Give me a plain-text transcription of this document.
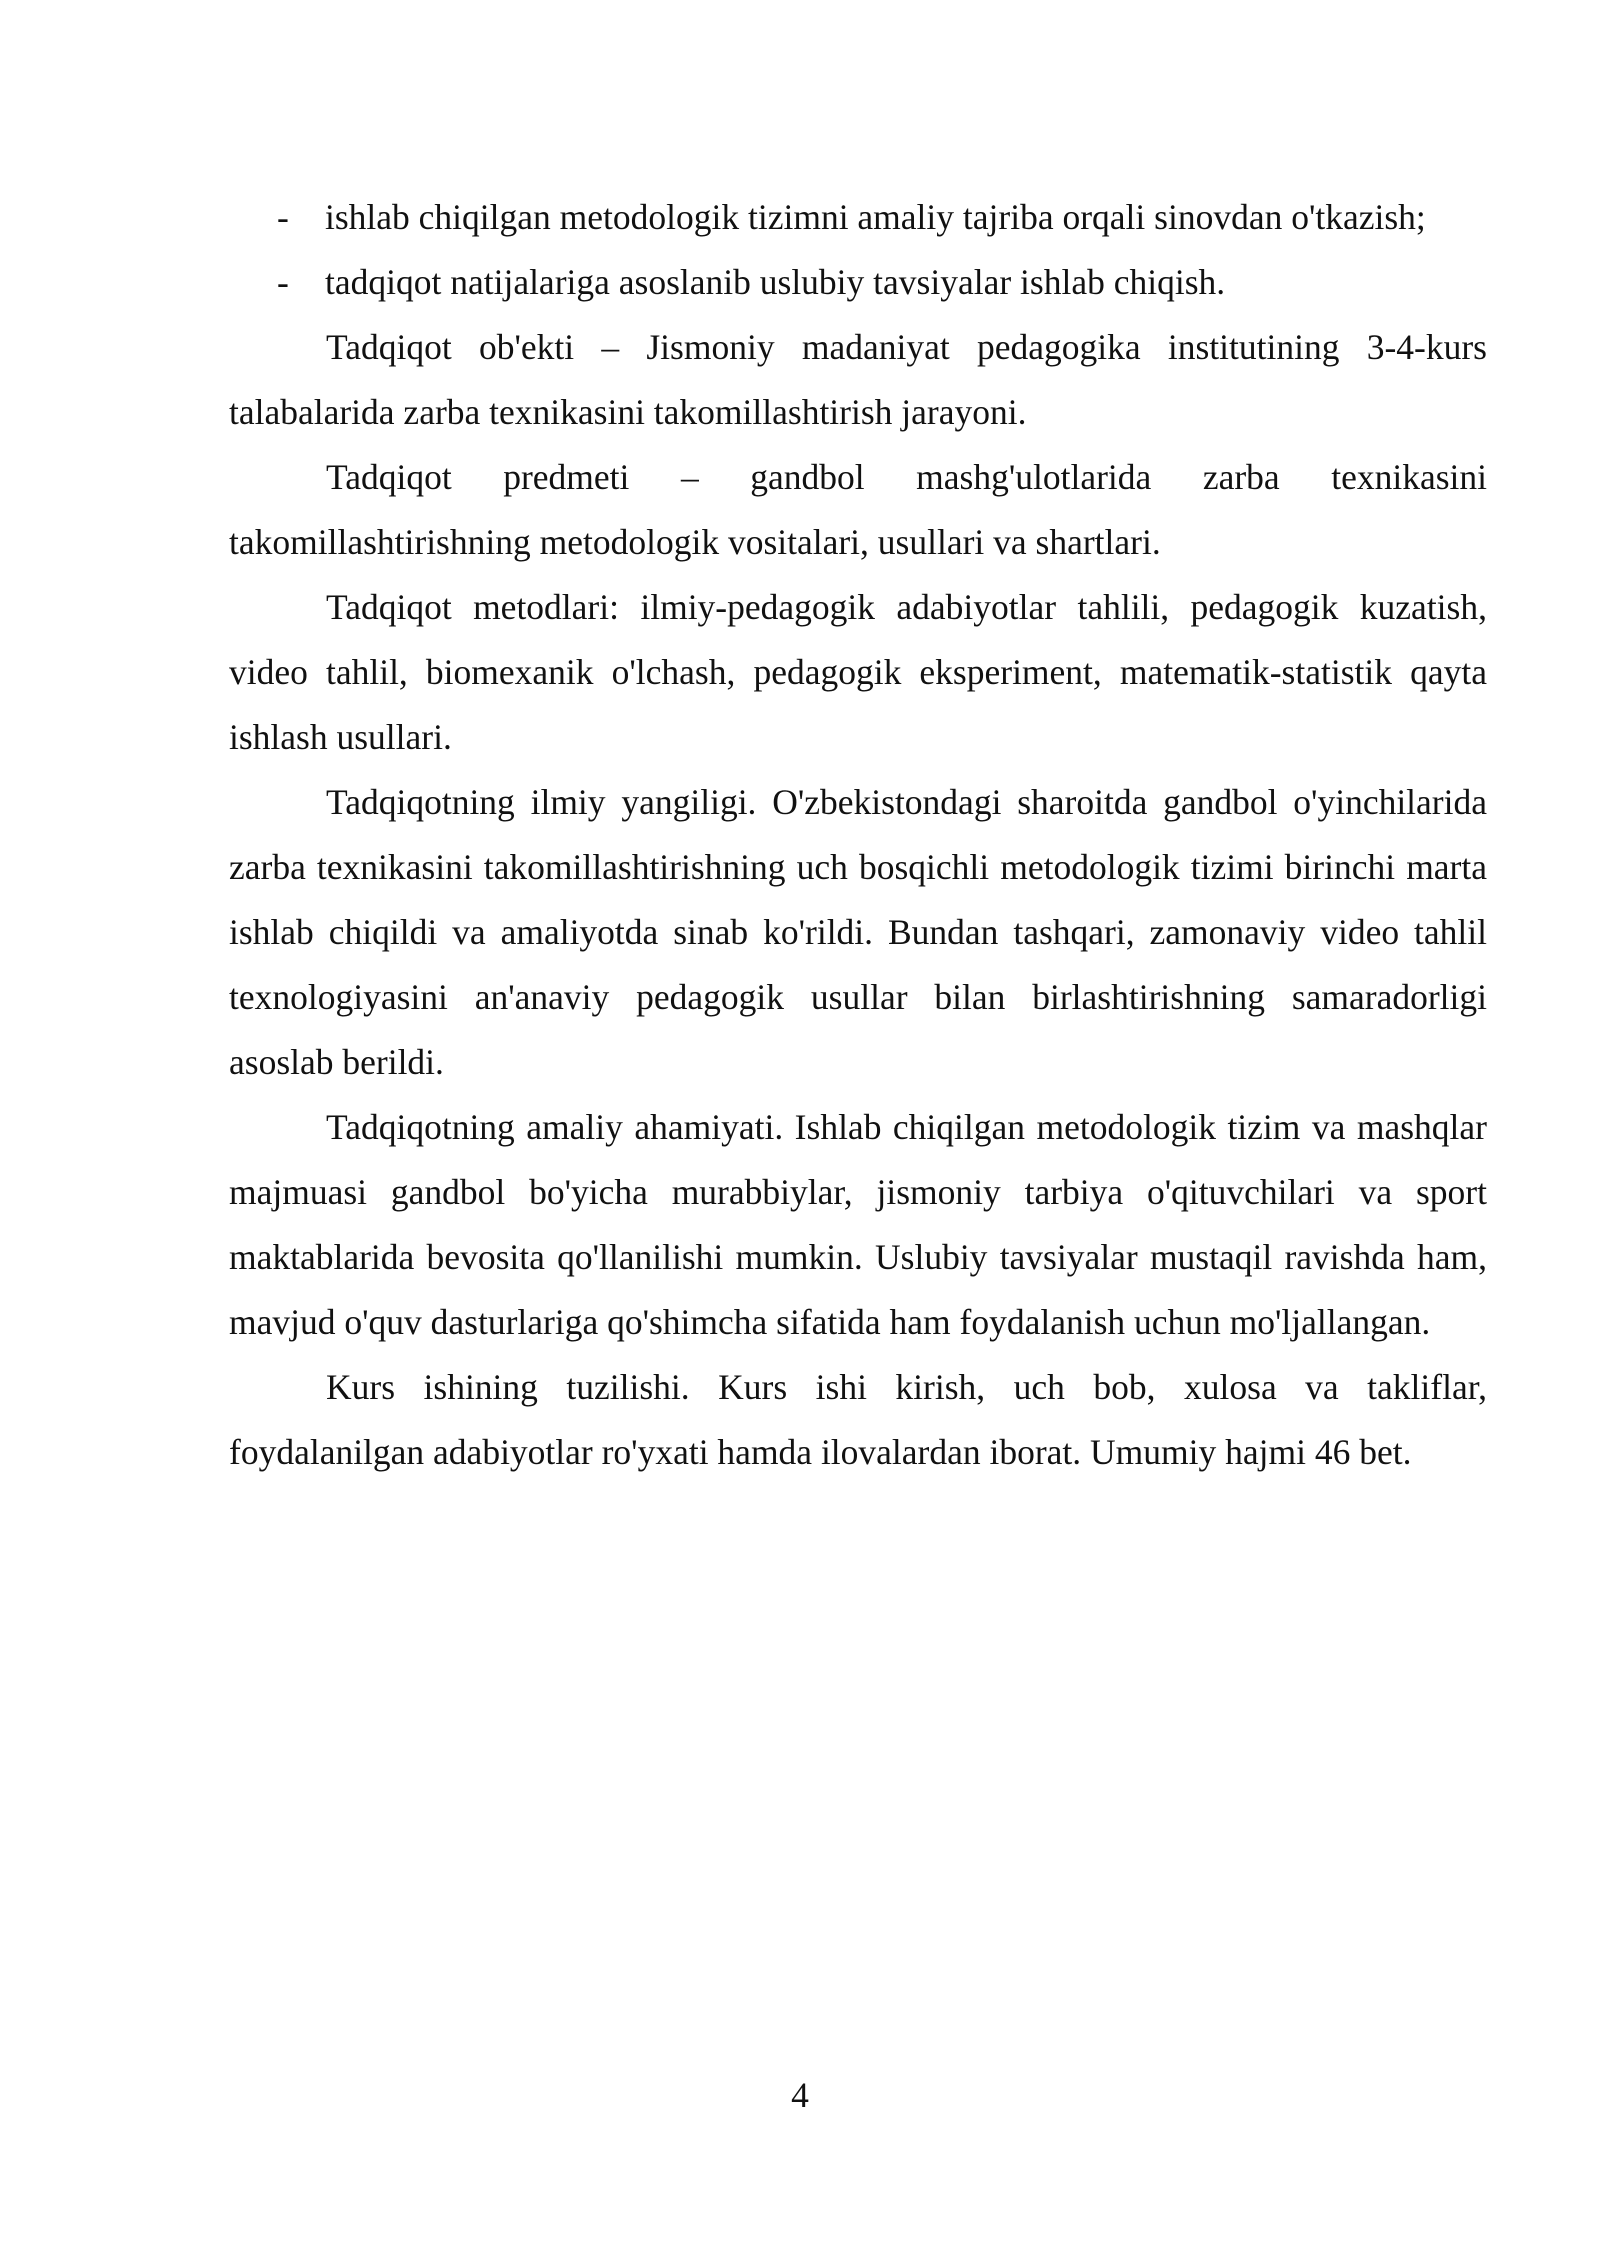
- ishlab chiqilgan metodologik tizimni amaliy tajriba orqali sinovdan o'tkazish;
- tadqiqot natijalariga asoslanib uslubiy tavsiyalar ishlab chiqish.

Tadqiqot ob'ekti – Jismoniy madaniyat pedagogika institutining 3-4-kurs talabalarida zarba texnikasini takomillashtirish jarayoni.

Tadqiqot predmeti – gandbol mashg'ulotlarida zarba texnikasini takomillashtirishning metodologik vositalari, usullari va shartlari.

Tadqiqot metodlari: ilmiy-pedagogik adabiyotlar tahlili, pedagogik kuzatish, video tahlil, biomexanik o'lchash, pedagogik eksperiment, matematik-statistik qayta ishlash usullari.

Tadqiqotning ilmiy yangiligi. O'zbekistondagi sharoitda gandbol o'yinchilarida zarba texnikasini takomillashtirishning uch bosqichli metodologik tizimi birinchi marta ishlab chiqildi va amaliyotda sinab ko'rildi. Bundan tashqari, zamonaviy video tahlil texnologiyasini an'anaviy pedagogik usullar bilan birlashtirishning samaradorligi asoslab berildi.

Tadqiqotning amaliy ahamiyati. Ishlab chiqilgan metodologik tizim va mashqlar majmuasi gandbol bo'yicha murabbiylar, jismoniy tarbiya o'qituvchilari va sport maktablarida bevosita qo'llanilishi mumkin. Uslubiy tavsiyalar mustaqil ravishda ham, mavjud o'quv dasturlariga qo'shimcha sifatida ham foydalanish uchun mo'ljallangan.

Kurs ishining tuzilishi. Kurs ishi kirish, uch bob, xulosa va takliflar, foydalanilgan adabiyotlar ro'yxati hamda ilovalardan iborat. Umumiy hajmi 46 bet.

4
